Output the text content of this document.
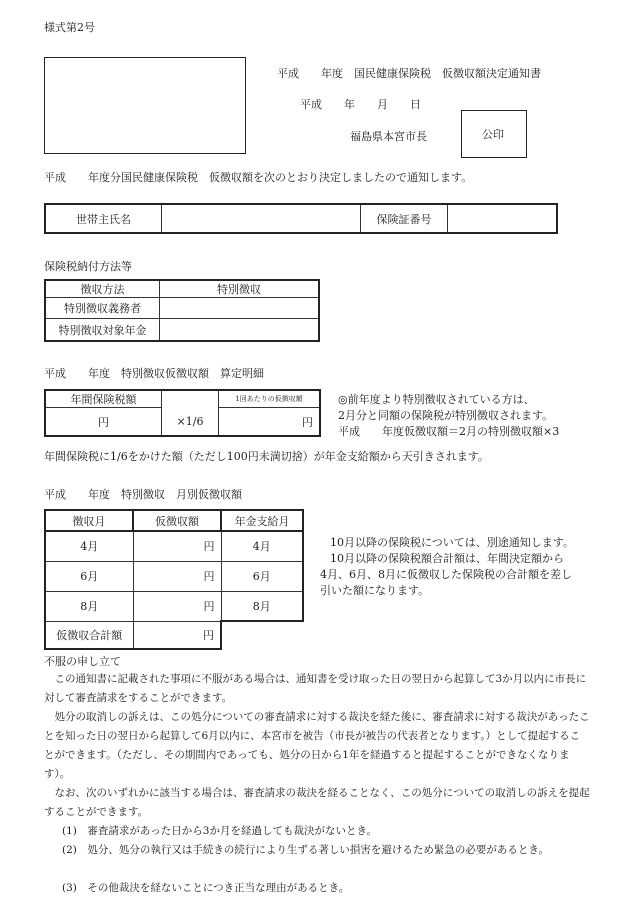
様式第2号
平成　　年度　国民健康保険税　仮徴収額決定通知書
平成　　年　　月　　日
福島県本宮市長	公印
平成　　年度分国民健康保険税　仮徴収額を次のとおり決定しましたので通知します。
世帯主氏名		保険証番号	
保険税納付方法等
徴収方法	特別徴収
特別徴収義務者	
特別徴収対象年金	
平成　　年度　特別徴収仮徴収額　算定明細
年間保険税額		1回あたりの仮徴収額
円	×1/6	円
◎前年度より特別徴収されている方は、
2月分と同額の保険税が特別徴収されます。
平成　　年度仮徴収額＝2月の特別徴収額×3
年間保険税に1/6をかけた額（ただし100円未満切捨）が年金支給額から天引きされます。
平成　　年度　特別徴収　月別仮徴収額
徴収月	仮徴収額	年金支給月
4月	円	4月
6月	円	6月
8月	円	8月
仮徴収合計額	円	
10月以降の保険税については、別途通知します。
10月以降の保険税額合計額は、年間決定額から
4月、6月、8月に仮徴収した保険税の合計額を差し
引いた額になります。
不服の申し立て
この通知書に記載された事項に不服がある場合は、通知書を受け取った日の翌日から起算して3か月以内に市長に対して審査請求をすることができます。
処分の取消しの訴えは、この処分についての審査請求に対する裁決を経た後に、審査請求に対する裁決があったことを知った日の翌日から起算して6月以内に、本宮市を被告（市長が被告の代表者となります。）として提起することができます。（ただし、その期間内であっても、処分の日から1年を経過すると提起することができなくなります）。
なお、次のいずれかに該当する場合は、審査請求の裁決を経ることなく、この処分についての取消しの訴えを提起することができます。
(1)　審査請求があった日から3か月を経過しても裁決がないとき。
(2)　処分、処分の執行又は手続きの続行により生ずる著しい損害を避けるため緊急の必要があるとき。
(3)　その他裁決を経ないことにつき正当な理由があるとき。
